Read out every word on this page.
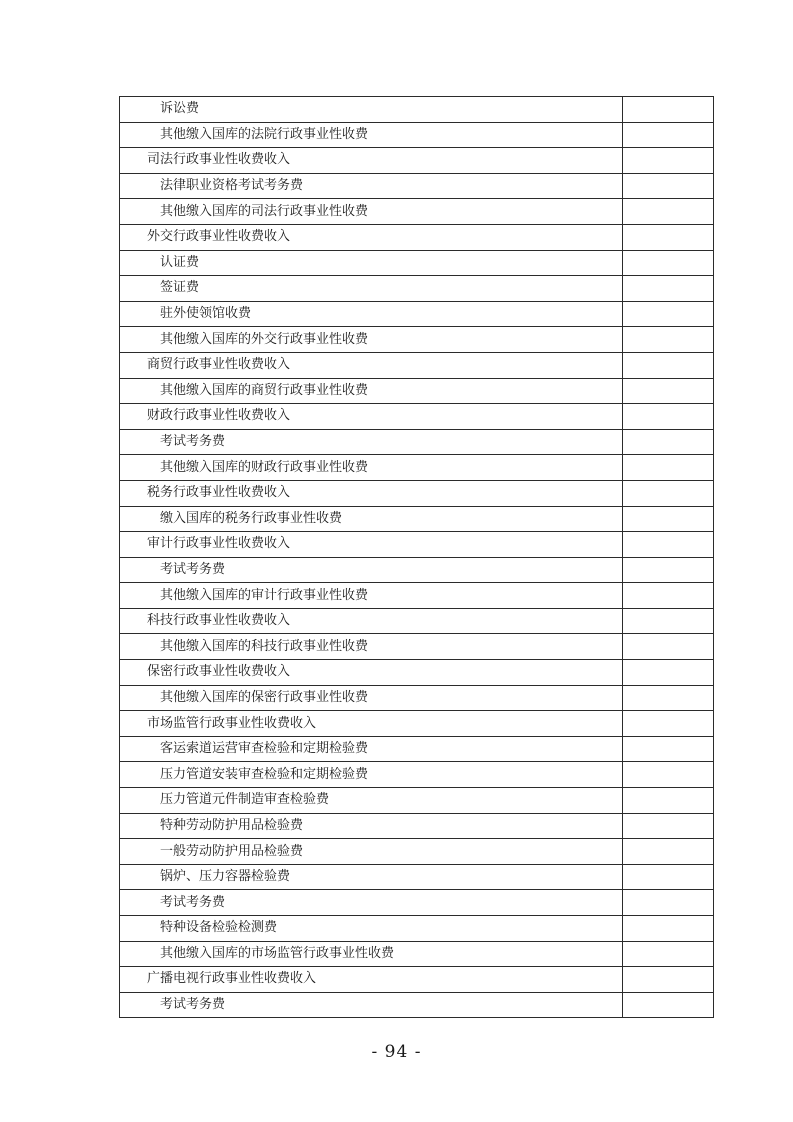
诉讼费	
其他缴入国库的法院行政事业性收费	
司法行政事业性收费收入	
法律职业资格考试考务费	
其他缴入国库的司法行政事业性收费	
外交行政事业性收费收入	
认证费	
签证费	
驻外使领馆收费	
其他缴入国库的外交行政事业性收费	
商贸行政事业性收费收入	
其他缴入国库的商贸行政事业性收费	
财政行政事业性收费收入	
考试考务费	
其他缴入国库的财政行政事业性收费	
税务行政事业性收费收入	
缴入国库的税务行政事业性收费	
审计行政事业性收费收入	
考试考务费	
其他缴入国库的审计行政事业性收费	
科技行政事业性收费收入	
其他缴入国库的科技行政事业性收费	
保密行政事业性收费收入	
其他缴入国库的保密行政事业性收费	
市场监管行政事业性收费收入	
客运索道运营审查检验和定期检验费	
压力管道安装审查检验和定期检验费	
压力管道元件制造审查检验费	
特种劳动防护用品检验费	
一般劳动防护用品检验费	
锅炉、压力容器检验费	
考试考务费	
特种设备检验检测费	
其他缴入国库的市场监管行政事业性收费	
广播电视行政事业性收费收入	
考试考务费	
- 94 -
